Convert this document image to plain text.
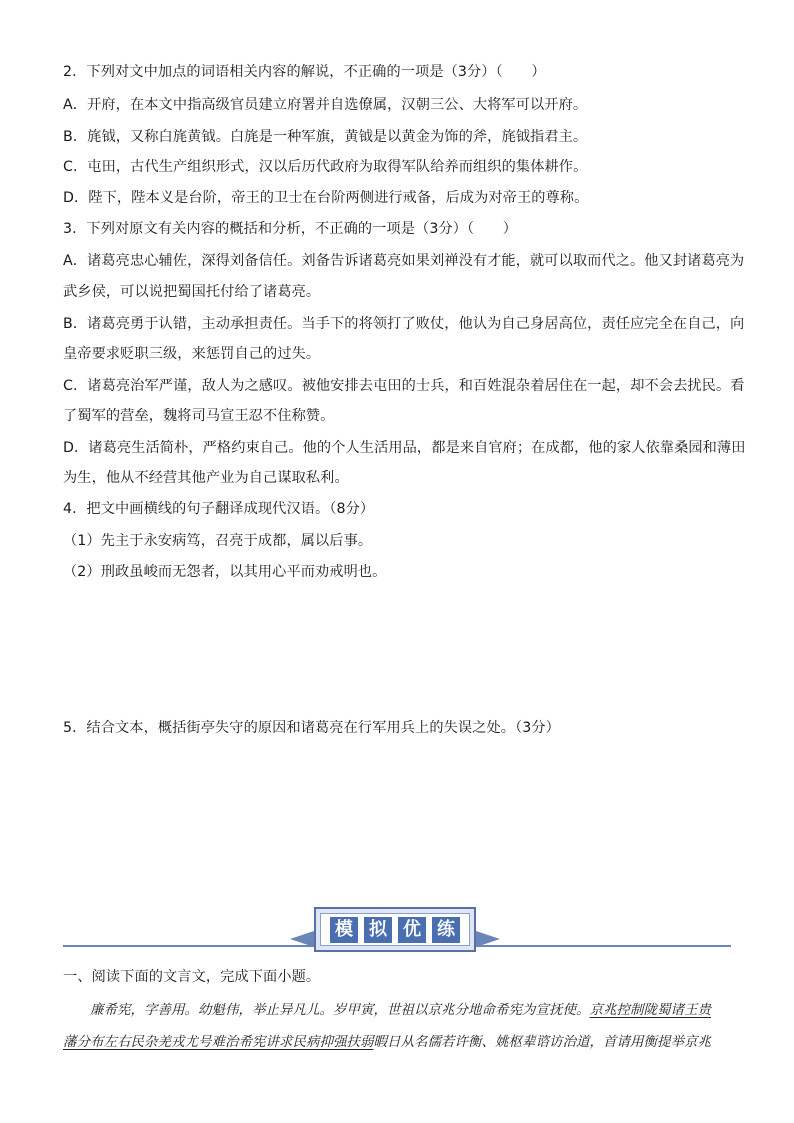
2．下列对文中加点的词语相关内容的解说，不正确的一项是（3分）（　　）
A．开府，在本文中指高级官员建立府署并自选僚属，汉朝三公、大将军可以开府。
B．旄钺，又称白旄黄钺。白旄是一种军旗，黄钺是以黄金为饰的斧，旄钺指君主。
C．屯田，古代生产组织形式，汉以后历代政府为取得军队给养而组织的集体耕作。
D．陛下，陛本义是台阶，帝王的卫士在台阶两侧进行戒备，后成为对帝王的尊称。
3．下列对原文有关内容的概括和分析，不正确的一项是（3分）（　　）
A．诸葛亮忠心辅佐，深得刘备信任。刘备告诉诸葛亮如果刘禅没有才能，就可以取而代之。他又封诸葛亮为
武乡侯，可以说把蜀国托付给了诸葛亮。
B．诸葛亮勇于认错，主动承担责任。当手下的将领打了败仗，他认为自己身居高位，责任应完全在自己，向
皇帝要求贬职三级，来惩罚自己的过失。
C．诸葛亮治军严谨，敌人为之感叹。被他安排去屯田的士兵，和百姓混杂着居住在一起，却不会去扰民。看
了蜀军的营垒，魏将司马宣王忍不住称赞。
D．诸葛亮生活简朴，严格约束自己。他的个人生活用品，都是来自官府；在成都，他的家人依靠桑园和薄田
为生，他从不经营其他产业为自己谋取私利。
4．把文中画横线的句子翻译成现代汉语。（8分）
（1）先主于永安病笃，召亮于成都，属以后事。
（2）刑政虽峻而无怨者，以其用心平而劝戒明也。
5．结合文本，概括街亭失守的原因和诸葛亮在行军用兵上的失误之处。（3分）
模 拟 优 练
一、阅读下面的文言文，完成下面小题。
　　廉希宪，字善用。幼魁伟，举止异凡儿。岁甲寅，世祖以京兆分地命希宪为宣抚使。京兆控制陇蜀诸王贵
藩分布左右民杂羌戎尤号难治希宪讲求民病抑强扶弱暇日从名儒若许衡、姚枢辈谘访治道，首请用衡提举京兆
